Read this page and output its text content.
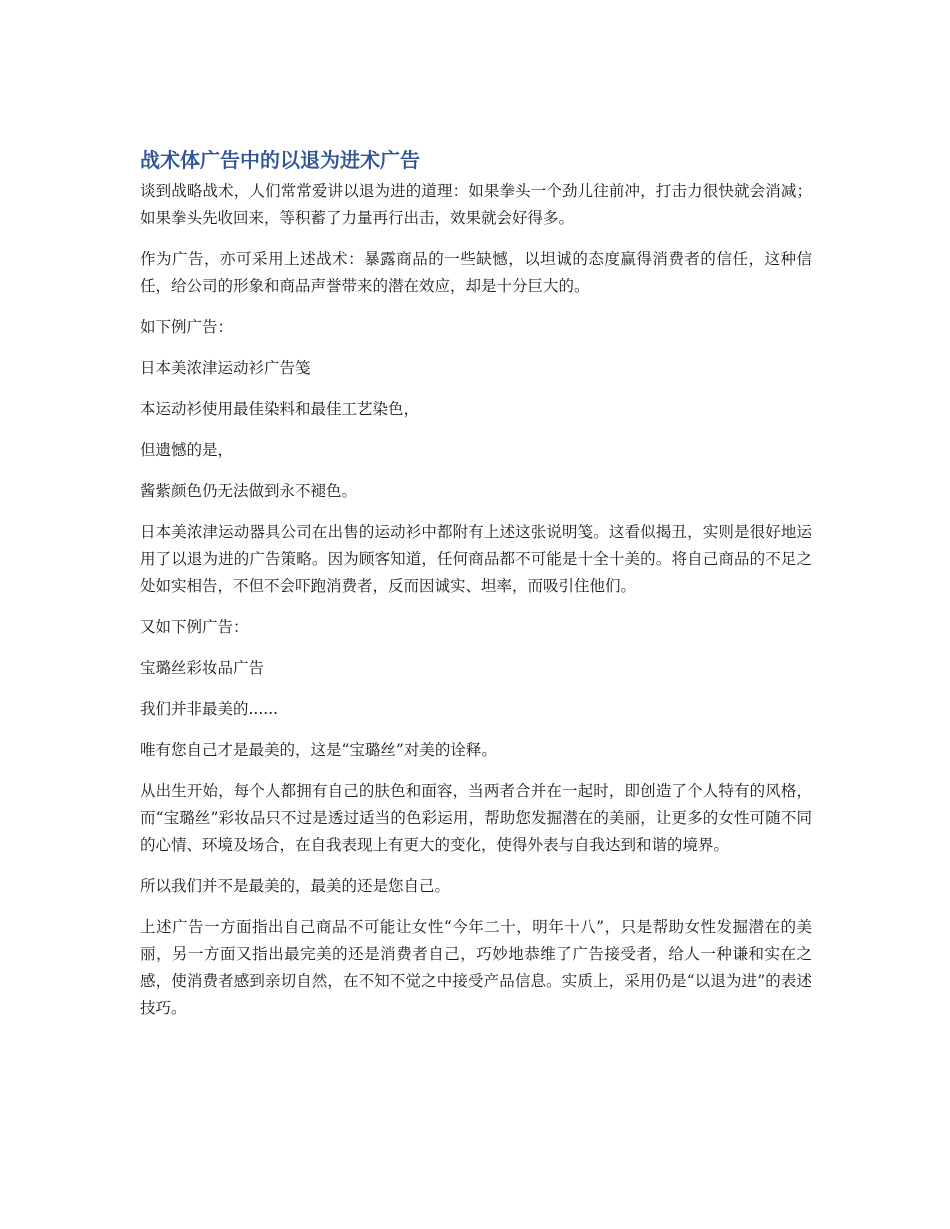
战术体广告中的以退为进术广告

谈到战略战术，人们常常爱讲以退为进的道理：如果拳头一个劲儿往前冲，打击力很快就会消减；如果拳头先收回来，等积蓄了力量再行出击，效果就会好得多。

作为广告，亦可采用上述战术：暴露商品的一些缺憾，以坦诚的态度赢得消费者的信任，这种信任，给公司的形象和商品声誉带来的潜在效应，却是十分巨大的。

如下例广告：

日本美浓津运动衫广告笺

本运动衫使用最佳染料和最佳工艺染色，

但遗憾的是，

酱紫颜色仍无法做到永不褪色。

日本美浓津运动器具公司在出售的运动衫中都附有上述这张说明笺。这看似揭丑，实则是很好地运用了以退为进的广告策略。因为顾客知道，任何商品都不可能是十全十美的。将自己商品的不足之处如实相告，不但不会吓跑消费者，反而因诚实、坦率，而吸引住他们。

又如下例广告：

宝璐丝彩妆品广告

我们并非最美的......

唯有您自己才是最美的，这是“宝璐丝”对美的诠释。

从出生开始，每个人都拥有自己的肤色和面容，当两者合并在一起时，即创造了个人特有的风格，而“宝璐丝”彩妆品只不过是透过适当的色彩运用，帮助您发掘潜在的美丽，让更多的女性可随不同的心情、环境及场合，在自我表现上有更大的变化，使得外表与自我达到和谐的境界。

所以我们并不是最美的，最美的还是您自己。

上述广告一方面指出自己商品不可能让女性“今年二十，明年十八”，只是帮助女性发掘潜在的美丽，另一方面又指出最完美的还是消费者自己，巧妙地恭维了广告接受者，给人一种谦和实在之感，使消费者感到亲切自然，在不知不觉之中接受产品信息。实质上，采用仍是“以退为进”的表述技巧。
